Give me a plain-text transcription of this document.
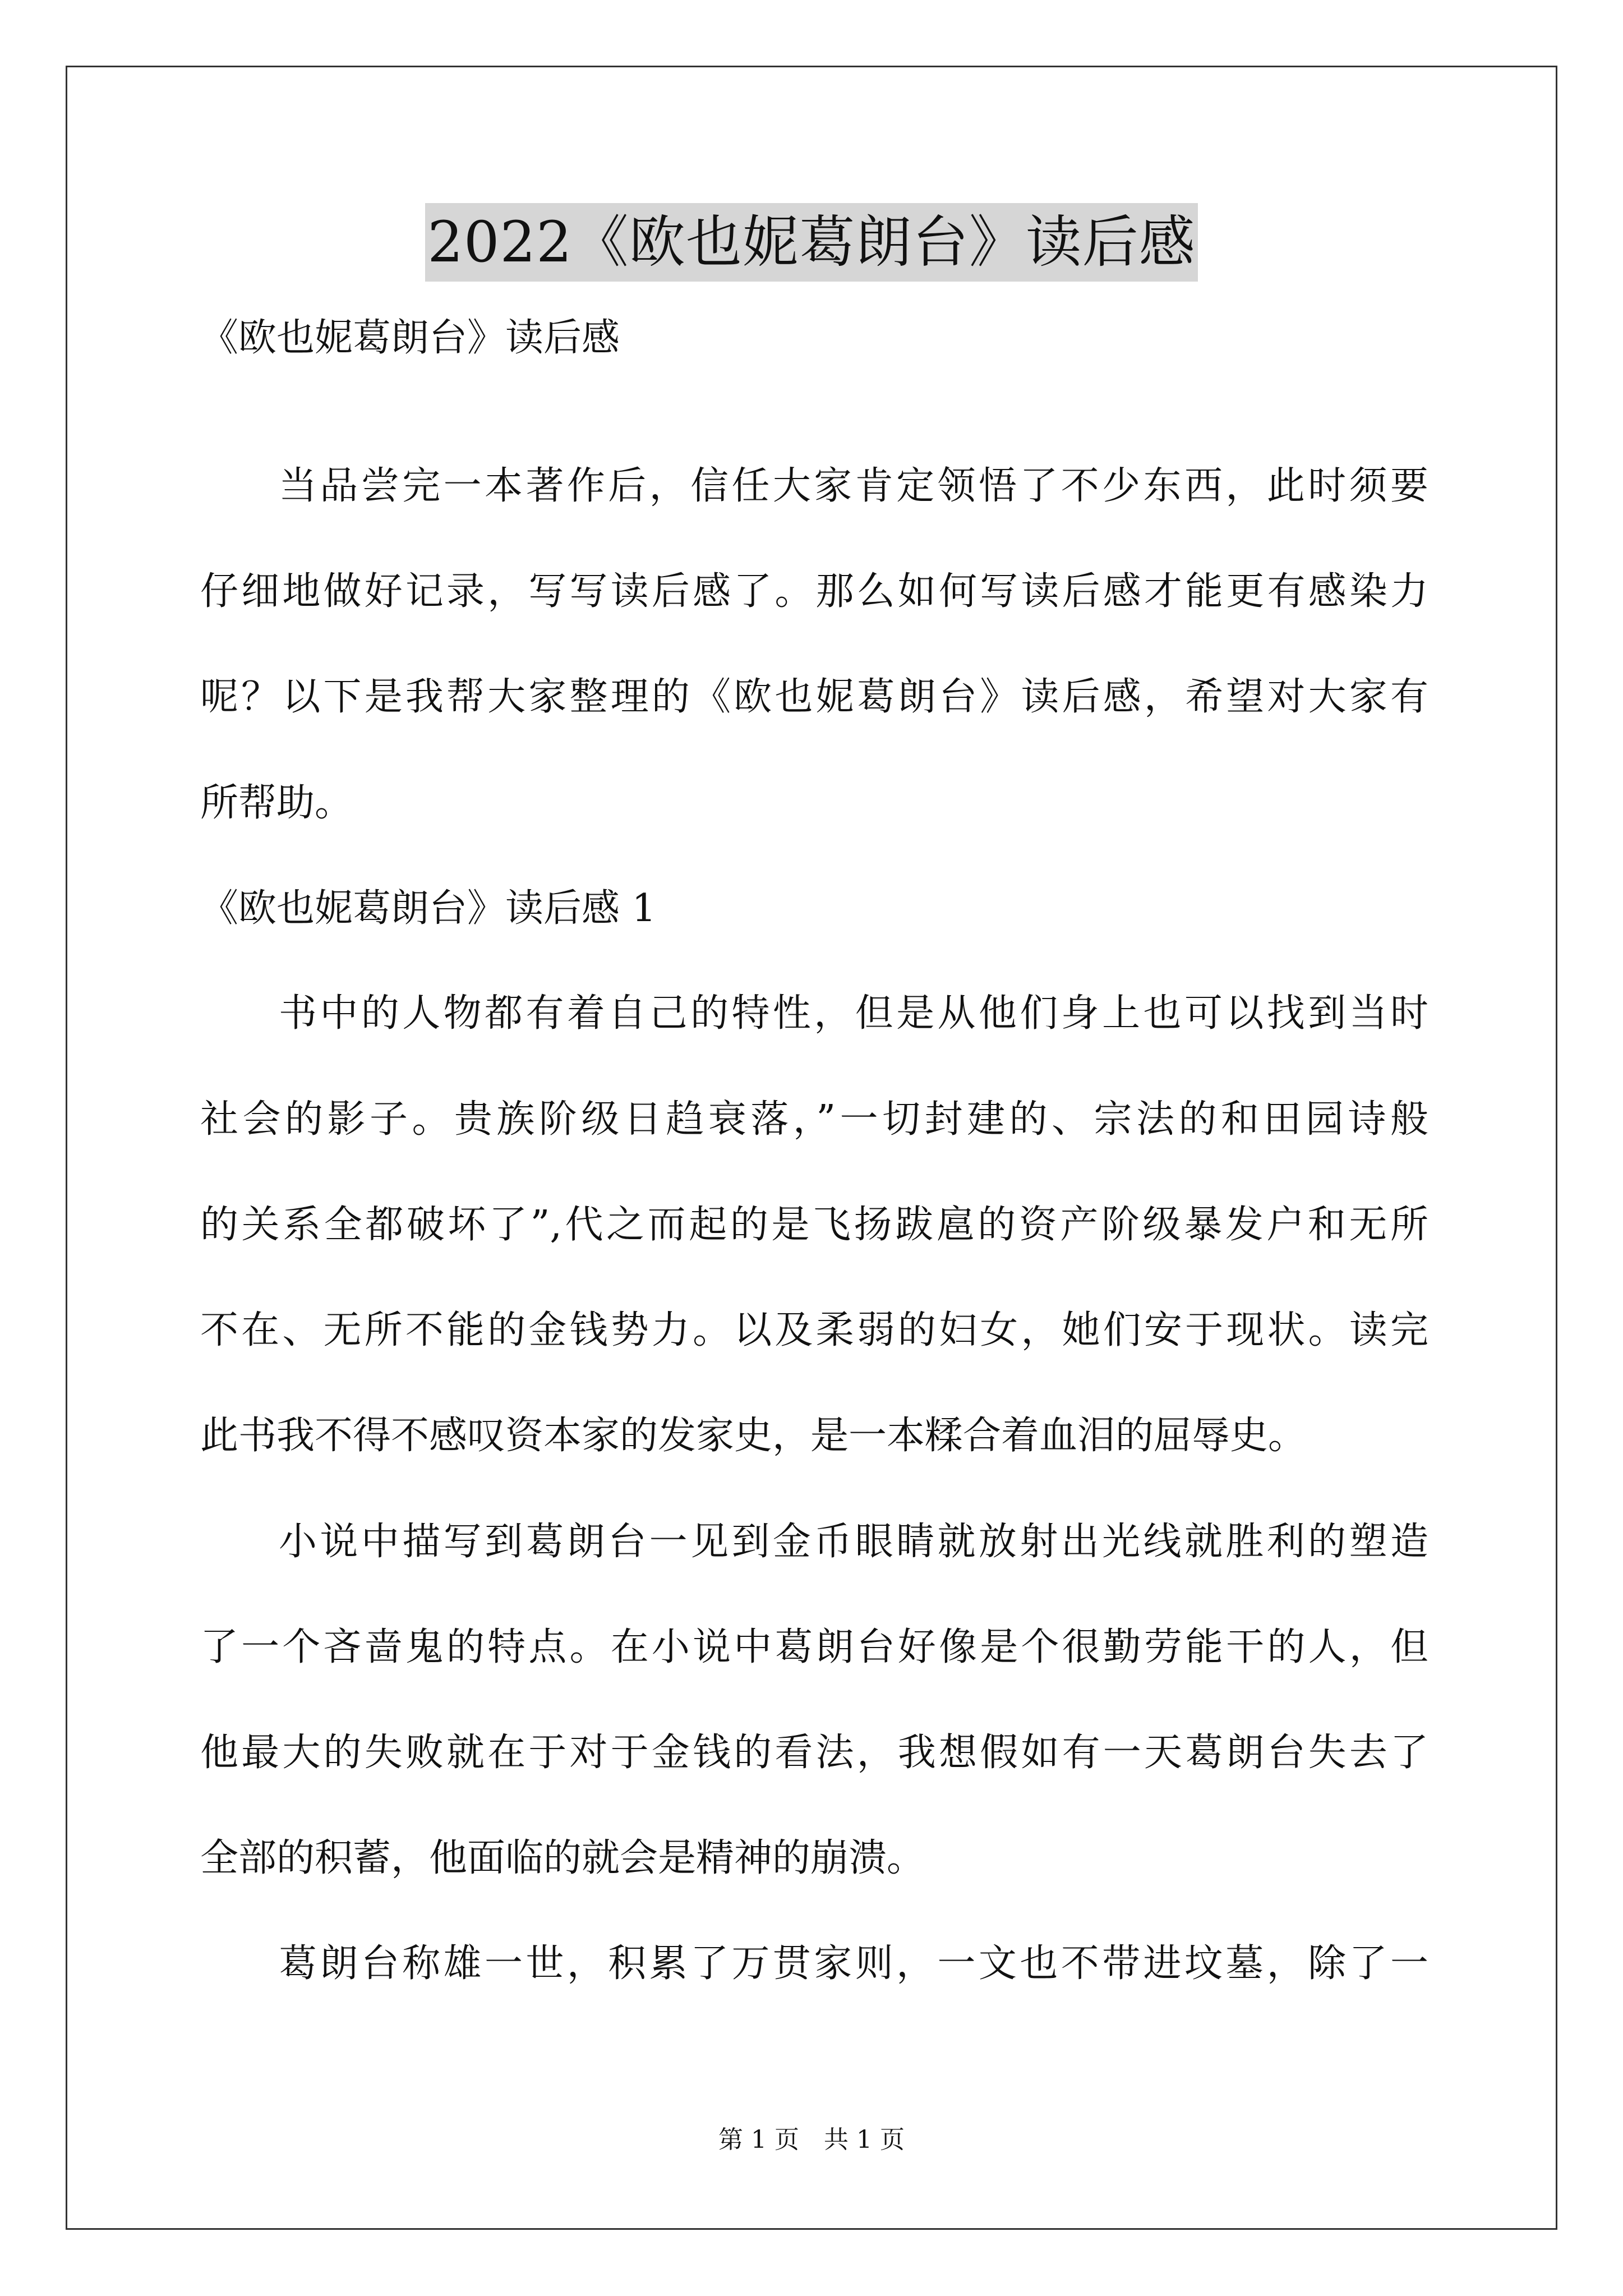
2022《欧也妮葛朗台》读后感

《欧也妮葛朗台》读后感

当品尝完一本著作后，信任大家肯定领悟了不少东西，此时须要

仔细地做好记录，写写读后感了。那么如何写读后感才能更有感染力

呢？以下是我帮大家整理的《欧也妮葛朗台》读后感，希望对大家有

所帮助。

《欧也妮葛朗台》读后感 1

书中的人物都有着自己的特性，但是从他们身上也可以找到当时

社会的影子。贵族阶级日趋衰落，”一切封建的、宗法的和田园诗般

的关系全都破坏了”,代之而起的是飞扬跋扈的资产阶级暴发户和无所

不在、无所不能的金钱势力。以及柔弱的妇女，她们安于现状。读完

此书我不得不感叹资本家的发家史，是一本糅合着血泪的屈辱史。

小说中描写到葛朗台一见到金币眼睛就放射出光线就胜利的塑造

了一个吝啬鬼的特点。在小说中葛朗台好像是个很勤劳能干的人，但

他最大的失败就在于对于金钱的看法，我想假如有一天葛朗台失去了

全部的积蓄，他面临的就会是精神的崩溃。

葛朗台称雄一世，积累了万贯家则，一文也不带进坟墓，除了一

第 1 页　共 1 页
